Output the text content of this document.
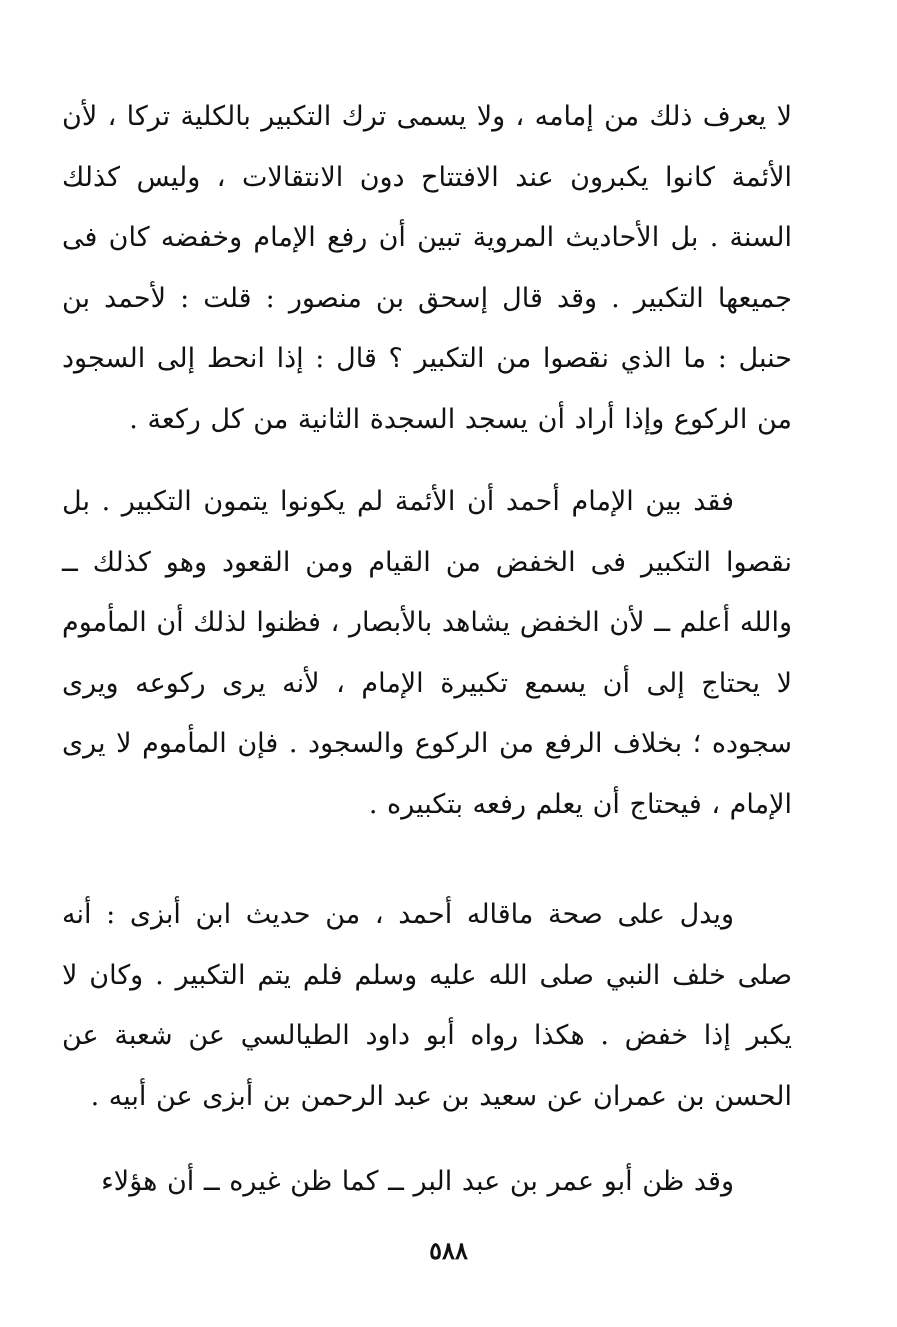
لا يعرف ذلك من إمامه ، ولا يسمى ترك التكبير بالكلية تركا ، لأن الأئمة كانوا يكبرون عند الافتتاح دون الانتقالات ، وليس كذلك السنة . بل الأحاديث المروية تبين أن رفع الإمام وخفضه كان فى جميعها التكبير . وقد قال إسحق بن منصور : قلت : لأحمد بن حنبل : ما الذي نقصوا من التكبير ؟ قال : إذا انحط إلى السجود من الركوع وإذا أراد أن يسجد السجدة الثانية من كل ركعة .
فقد بين الإمام أحمد أن الأئمة لم يكونوا يتمون التكبير . بل نقصوا التكبير فى الخفض من القيام ومن القعود وهو كذلك ــ والله أعلم ــ لأن الخفض يشاهد بالأبصار ، فظنوا لذلك أن المأموم لا يحتاج إلى أن يسمع تكبيرة الإمام ، لأنه يرى ركوعه ويرى سجوده ؛ بخلاف الرفع من الركوع والسجود . فإن المأموم لا يرى الإمام ، فيحتاج أن يعلم رفعه بتكبيره .
ويدل على صحة ماقاله أحمد ، من حديث ابن أبزى : أنه صلى خلف النبي صلى الله عليه وسلم فلم يتم التكبير . وكان لا يكبر إذا خفض . هكذا رواه أبو داود الطيالسي عن شعبة عن الحسن بن عمران عن سعيد بن عبد الرحمن بن أبزى عن أبيه .
وقد ظن أبو عمر بن عبد البر ــ كما ظن غيره ــ أن هؤلاء
٥٨٨
